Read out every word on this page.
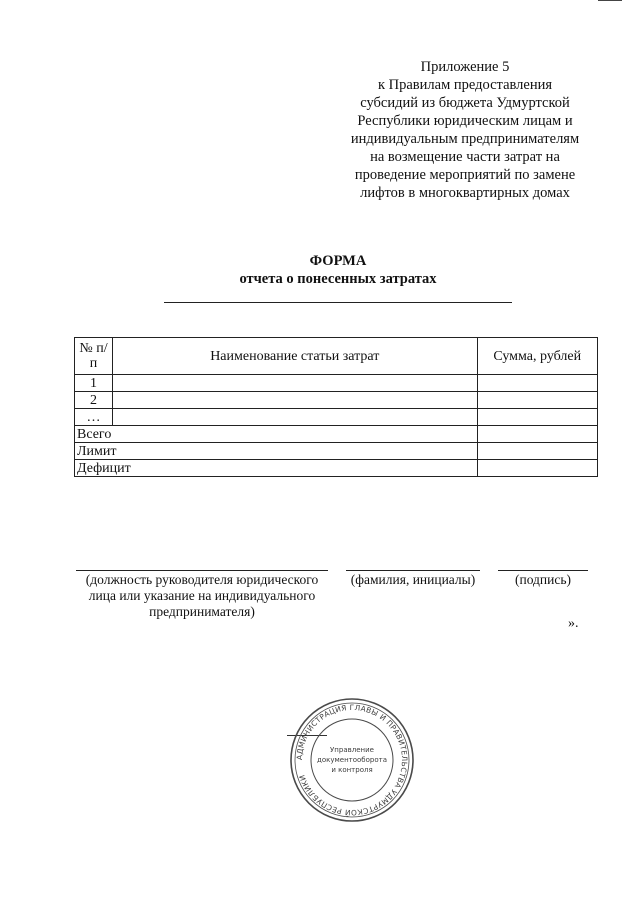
Приложение 5
к Правилам предоставления
субсидий из бюджета Удмуртской
Республики юридическим лицам и
индивидуальным предпринимателям
на возмещение части затрат на
проведение мероприятий по замене
лифтов в многоквартирных домах
ФОРМА
отчета о понесенных затратах
№ п/п	Наименование статьи затрат	Сумма, рублей
1		
2		
…		
Всего		
Лимит		
Дефицит		
(должность руководителя юридического лица или указание на индивидуального предпринимателя)
(фамилия, инициалы)	(подпись)
».
АДМИНИСТРАЦИЯ ГЛАВЫ И ПРАВИТЕЛЬСТВА УДМУРТСКОЙ РЕСПУБЛИКИ
Управление
документооборота
и контроля
